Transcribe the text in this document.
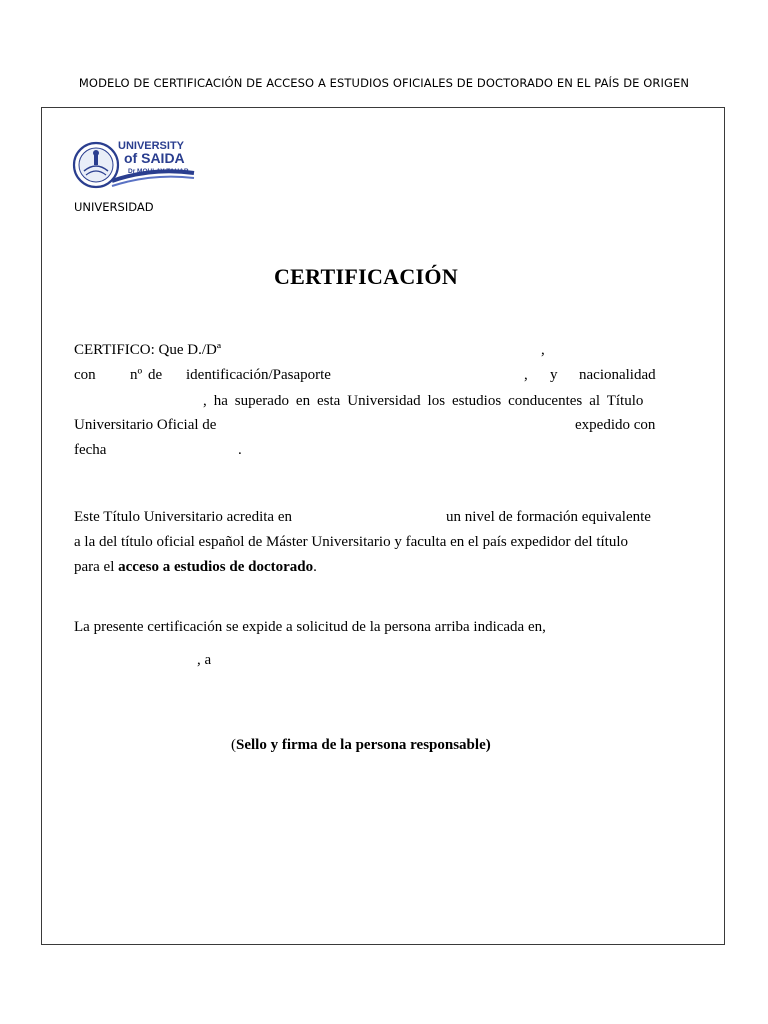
MODELO DE CERTIFICACIÓN DE ACCESO A ESTUDIOS OFICIALES DE DOCTORADO EN EL PAÍS DE ORIGEN
UNIVERSITY
of SAIDA
Dr MOULAY TAHAR
UNIVERSIDAD
CERTIFICACIÓN
CERTIFICO: Que D./Dª	,
con nº de identificación/Pasaporte	, y nacionalidad
, ha superado en esta Universidad los estudios conducentes al Título
Universitario Oficial de	expedido con
fecha	.
Este Título Universitario acredita en	un nivel de formación equivalente
a la del título oficial español de Máster Universitario y faculta en el país expedidor del título
para el acceso a estudios de doctorado.
La presente certificación se expide a solicitud de la persona arriba indicada en,
, a
(Sello y firma de la persona responsable)
